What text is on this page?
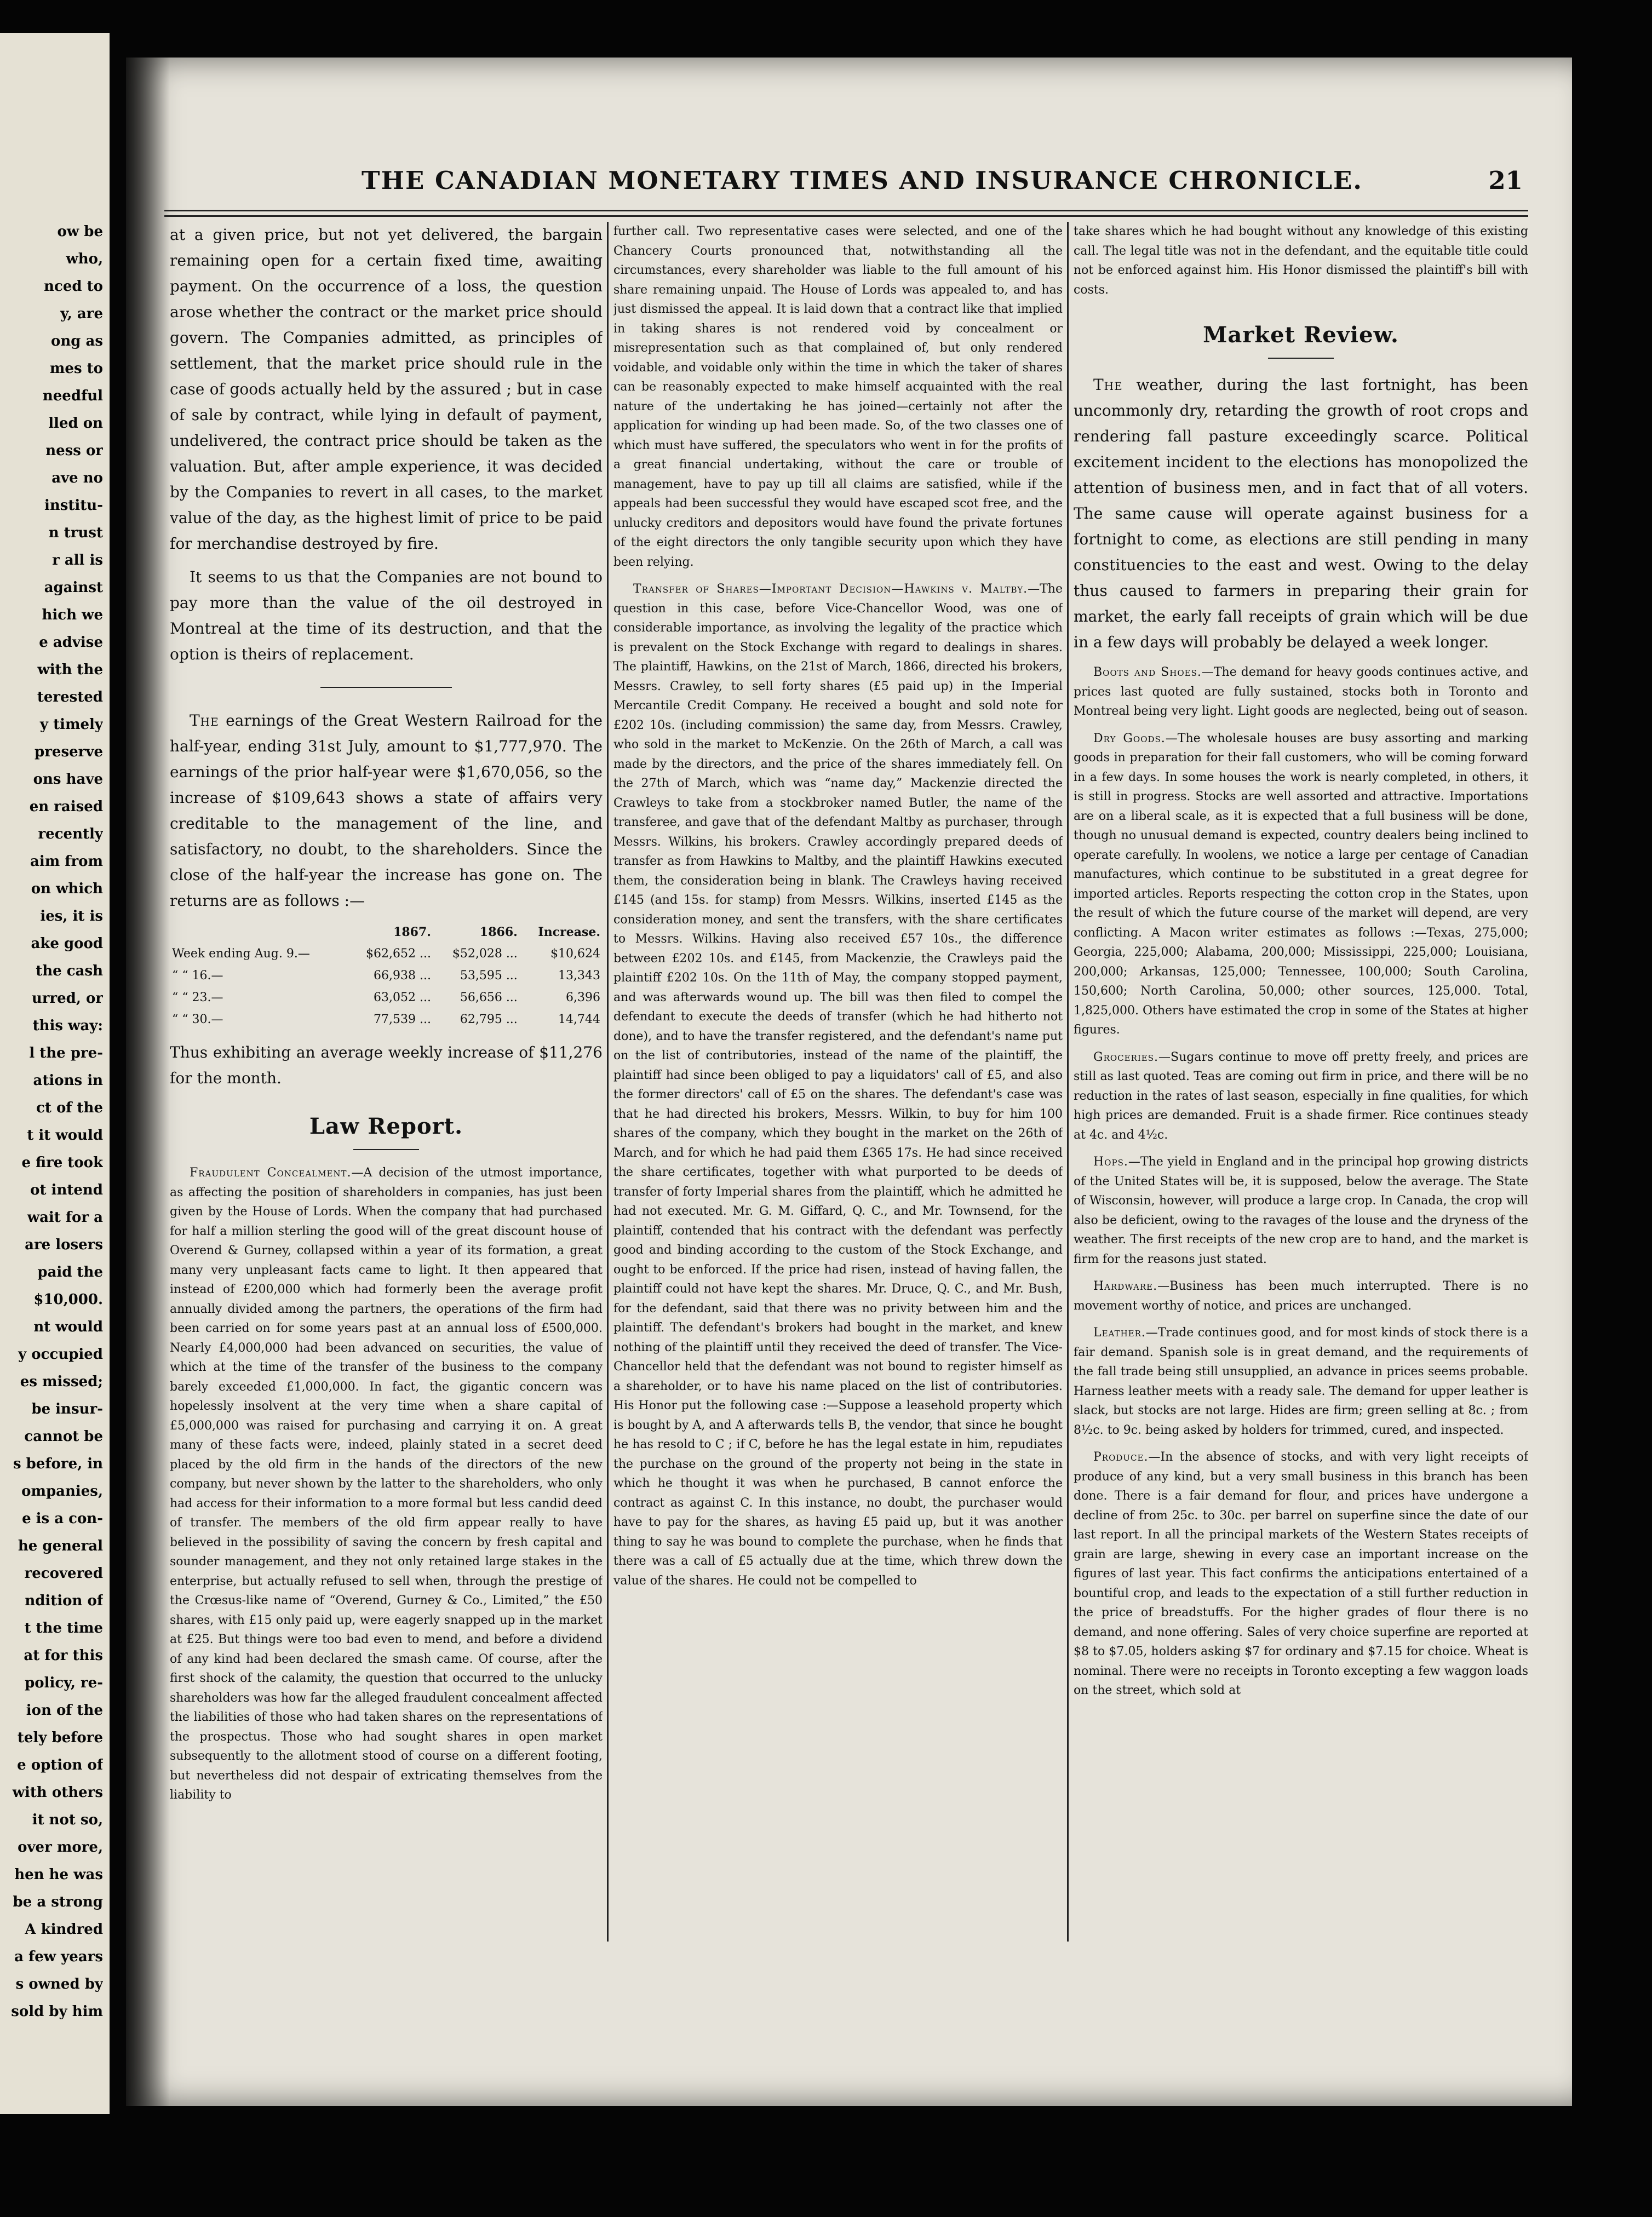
ow be
who,
nced to
y, are
ong as
mes to
needful
lled on
ness or
ave no
institu-
n trust
r all is
against
hich we
e advise
with the
terested
y timely
preserve
ons have
en raised
recently
aim from
on which
ies, it is
ake good
the cash
urred, or
this way:
l the pre-
ations in
ct of the
t it would
e fire took
ot intend
wait for a
are losers
paid the
$10,000.
nt would
y occupied
es missed;
be insur-
cannot be
s before, in
ompanies,
e is a con-
he general
recovered
ndition of
t the time
at for this
policy, re-
ion of the
tely before
e option of
with others
it not so,
over more,
hen he was
be a strong
A kindred
a few years
s owned by
sold by him
THE CANADIAN MONETARY TIMES AND INSURANCE CHRONICLE.	21

at a given price, but not yet delivered, the bargain remaining open for a certain fixed time, awaiting payment. On the occurrence of a loss, the question arose whether the contract or the market price should govern. The Companies admitted, as principles of settlement, that the market price should rule in the case of goods actually held by the assured ; but in case of sale by contract, while lying in default of payment, undelivered, the contract price should be taken as the valuation. But, after ample experience, it was decided by the Companies to revert in all cases, to the market value of the day, as the highest limit of price to be paid for merchandise destroyed by fire.

It seems to us that the Companies are not bound to pay more than the value of the oil destroyed in Montreal at the time of its destruction, and that the option is theirs of replacement.

The earnings of the Great Western Railroad for the half-year, ending 31st July, amount to $1,777,970. The earnings of the prior half-year were $1,670,056, so the increase of $109,643 shows a state of affairs very creditable to the management of the line, and satisfactory, no doubt, to the shareholders. Since the close of the half-year the increase has gone on. The returns are as follows :—

	1867.	1866.	Increase.
Week ending Aug. 9.—	$62,652 ...	$52,028 ...	$10,624
“ “ 16.—	66,938 ...	53,595 ...	13,343
“ “ 23.—	63,052 ...	56,656 ...	6,396
“ “ 30.—	77,539 ...	62,795 ...	14,744

Thus exhibiting an average weekly increase of $11,276 for the month.

Law Report.

Fraudulent Concealment.—A decision of the utmost importance, as affecting the position of shareholders in companies, has just been given by the House of Lords. When the company that had purchased for half a million sterling the good will of the great discount house of Overend & Gurney, collapsed within a year of its formation, a great many very unpleasant facts came to light. It then appeared that instead of £200,000 which had formerly been the average profit annually divided among the partners, the operations of the firm had been carried on for some years past at an annual loss of £500,000. Nearly £4,000,000 had been advanced on securities, the value of which at the time of the transfer of the business to the company barely exceeded £1,000,000. In fact, the gigantic concern was hopelessly insolvent at the very time when a share capital of £5,000,000 was raised for purchasing and carrying it on. A great many of these facts were, indeed, plainly stated in a secret deed placed by the old firm in the hands of the directors of the new company, but never shown by the latter to the shareholders, who only had access for their information to a more formal but less candid deed of transfer. The members of the old firm appear really to have believed in the possibility of saving the concern by fresh capital and sounder management, and they not only retained large stakes in the enterprise, but actually refused to sell when, through the prestige of the Crœsus-like name of “Overend, Gurney & Co., Limited,” the £50 shares, with £15 only paid up, were eagerly snapped up in the market at £25. But things were too bad even to mend, and before a dividend of any kind had been declared the smash came. Of course, after the first shock of the calamity, the question that occurred to the unlucky shareholders was how far the alleged fraudulent concealment affected the liabilities of those who had taken shares on the representations of the prospectus. Those who had sought shares in open market subsequently to the allotment stood of course on a different footing, but nevertheless did not despair of extricating themselves from the liability to

further call. Two representative cases were selected, and one of the Chancery Courts pronounced that, notwithstanding all the circumstances, every shareholder was liable to the full amount of his share remaining unpaid. The House of Lords was appealed to, and has just dismissed the appeal. It is laid down that a contract like that implied in taking shares is not rendered void by concealment or misrepresentation such as that complained of, but only rendered voidable, and voidable only within the time in which the taker of shares can be reasonably expected to make himself acquainted with the real nature of the undertaking he has joined—certainly not after the application for winding up had been made. So, of the two classes one of which must have suffered, the speculators who went in for the profits of a great financial undertaking, without the care or trouble of management, have to pay up till all claims are satisfied, while if the appeals had been successful they would have escaped scot free, and the unlucky creditors and depositors would have found the private fortunes of the eight directors the only tangible security upon which they have been relying.

Transfer of Shares—Important Decision—Hawkins v. Maltby.—The question in this case, before Vice-Chancellor Wood, was one of considerable importance, as involving the legality of the practice which is prevalent on the Stock Exchange with regard to dealings in shares. The plaintiff, Hawkins, on the 21st of March, 1866, directed his brokers, Messrs. Crawley, to sell forty shares (£5 paid up) in the Imperial Mercantile Credit Company. He received a bought and sold note for £202 10s. (including commission) the same day, from Messrs. Crawley, who sold in the market to McKenzie. On the 26th of March, a call was made by the directors, and the price of the shares immediately fell. On the 27th of March, which was “name day,” Mackenzie directed the Crawleys to take from a stockbroker named Butler, the name of the transferee, and gave that of the defendant Maltby as purchaser, through Messrs. Wilkins, his brokers. Crawley accordingly prepared deeds of transfer as from Hawkins to Maltby, and the plaintiff Hawkins executed them, the consideration being in blank. The Crawleys having received £145 (and 15s. for stamp) from Messrs. Wilkins, inserted £145 as the consideration money, and sent the transfers, with the share certificates to Messrs. Wilkins. Having also received £57 10s., the difference between £202 10s. and £145, from Mackenzie, the Crawleys paid the plaintiff £202 10s. On the 11th of May, the company stopped payment, and was afterwards wound up. The bill was then filed to compel the defendant to execute the deeds of transfer (which he had hitherto not done), and to have the transfer registered, and the defendant's name put on the list of contributories, instead of the name of the plaintiff, the plaintiff had since been obliged to pay a liquidators' call of £5, and also the former directors' call of £5 on the shares. The defendant's case was that he had directed his brokers, Messrs. Wilkin, to buy for him 100 shares of the company, which they bought in the market on the 26th of March, and for which he had paid them £365 17s. He had since received the share certificates, together with what purported to be deeds of transfer of forty Imperial shares from the plaintiff, which he admitted he had not executed. Mr. G. M. Giffard, Q. C., and Mr. Townsend, for the plaintiff, contended that his contract with the defendant was perfectly good and binding according to the custom of the Stock Exchange, and ought to be enforced. If the price had risen, instead of having fallen, the plaintiff could not have kept the shares. Mr. Druce, Q. C., and Mr. Bush, for the defendant, said that there was no privity between him and the plaintiff. The defendant's brokers had bought in the market, and knew nothing of the plaintiff until they received the deed of transfer. The Vice-Chancellor held that the defendant was not bound to register himself as a shareholder, or to have his name placed on the list of contributories. His Honor put the following case :—Suppose a leasehold property which is bought by A, and A afterwards tells B, the vendor, that since he bought he has resold to C ; if C, before he has the legal estate in him, repudiates the purchase on the ground of the property not being in the state in which he thought it was when he purchased, B cannot enforce the contract as against C. In this instance, no doubt, the purchaser would have to pay for the shares, as having £5 paid up, but it was another thing to say he was bound to complete the purchase, when he finds that there was a call of £5 actually due at the time, which threw down the value of the shares. He could not be compelled to

take shares which he had bought without any knowledge of this existing call. The legal title was not in the defendant, and the equitable title could not be enforced against him. His Honor dismissed the plaintiff's bill with costs.

Market Review.

The weather, during the last fortnight, has been uncommonly dry, retarding the growth of root crops and rendering fall pasture exceedingly scarce. Political excitement incident to the elections has monopolized the attention of business men, and in fact that of all voters. The same cause will operate against business for a fortnight to come, as elections are still pending in many constituencies to the east and west. Owing to the delay thus caused to farmers in preparing their grain for market, the early fall receipts of grain which will be due in a few days will probably be delayed a week longer.

Boots and Shoes.—The demand for heavy goods continues active, and prices last quoted are fully sustained, stocks both in Toronto and Montreal being very light. Light goods are neglected, being out of season.

Dry Goods.—The wholesale houses are busy assorting and marking goods in preparation for their fall customers, who will be coming forward in a few days. In some houses the work is nearly completed, in others, it is still in progress. Stocks are well assorted and attractive. Importations are on a liberal scale, as it is expected that a full business will be done, though no unusual demand is expected, country dealers being inclined to operate carefully. In woolens, we notice a large per centage of Canadian manufactures, which continue to be substituted in a great degree for imported articles. Reports respecting the cotton crop in the States, upon the result of which the future course of the market will depend, are very conflicting. A Macon writer estimates as follows :—Texas, 275,000; Georgia, 225,000; Alabama, 200,000; Mississippi, 225,000; Louisiana, 200,000; Arkansas, 125,000; Tennessee, 100,000; South Carolina, 150,600; North Carolina, 50,000; other sources, 125,000. Total, 1,825,000. Others have estimated the crop in some of the States at higher figures.

Groceries.—Sugars continue to move off pretty freely, and prices are still as last quoted. Teas are coming out firm in price, and there will be no reduction in the rates of last season, especially in fine qualities, for which high prices are demanded. Fruit is a shade firmer. Rice continues steady at 4c. and 4½c.

Hops.—The yield in England and in the principal hop growing districts of the United States will be, it is supposed, below the average. The State of Wisconsin, however, will produce a large crop. In Canada, the crop will also be deficient, owing to the ravages of the louse and the dryness of the weather. The first receipts of the new crop are to hand, and the market is firm for the reasons just stated.

Hardware.—Business has been much interrupted. There is no movement worthy of notice, and prices are unchanged.

Leather.—Trade continues good, and for most kinds of stock there is a fair demand. Spanish sole is in great demand, and the requirements of the fall trade being still unsupplied, an advance in prices seems probable. Harness leather meets with a ready sale. The demand for upper leather is slack, but stocks are not large. Hides are firm; green selling at 8c. ; from 8½c. to 9c. being asked by holders for trimmed, cured, and inspected.

Produce.—In the absence of stocks, and with very light receipts of produce of any kind, but a very small business in this branch has been done. There is a fair demand for flour, and prices have undergone a decline of from 25c. to 30c. per barrel on superfine since the date of our last report. In all the principal markets of the Western States receipts of grain are large, shewing in every case an important increase on the figures of last year. This fact confirms the anticipations entertained of a bountiful crop, and leads to the expectation of a still further reduction in the price of breadstuffs. For the higher grades of flour there is no demand, and none offering. Sales of very choice superfine are reported at $8 to $7.05, holders asking $7 for ordinary and $7.15 for choice. Wheat is nominal. There were no receipts in Toronto excepting a few waggon loads on the street, which sold at
